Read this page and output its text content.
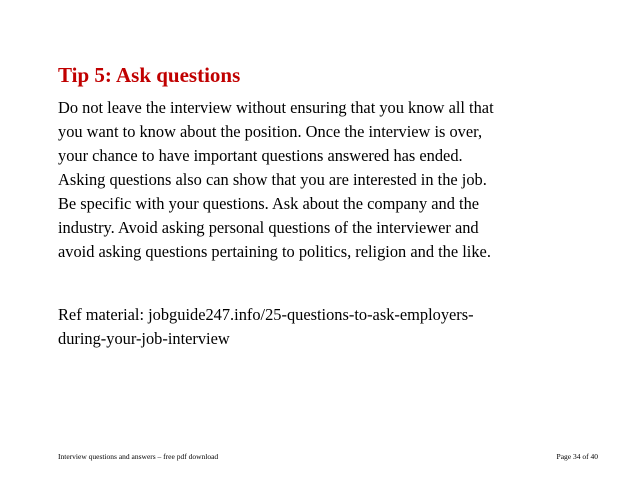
Tip 5: Ask questions

Do not leave the interview without ensuring that you know all that
you want to know about the position. Once the interview is over,
your chance to have important questions answered has ended.
Asking questions also can show that you are interested in the job.
Be specific with your questions. Ask about the company and the
industry. Avoid asking personal questions of the interviewer and
avoid asking questions pertaining to politics, religion and the like.

Ref material: jobguide247.info/25-questions-to-ask-employers-
during-your-job-interview

Interview questions and answers – free pdf download	Page 34 of 40
